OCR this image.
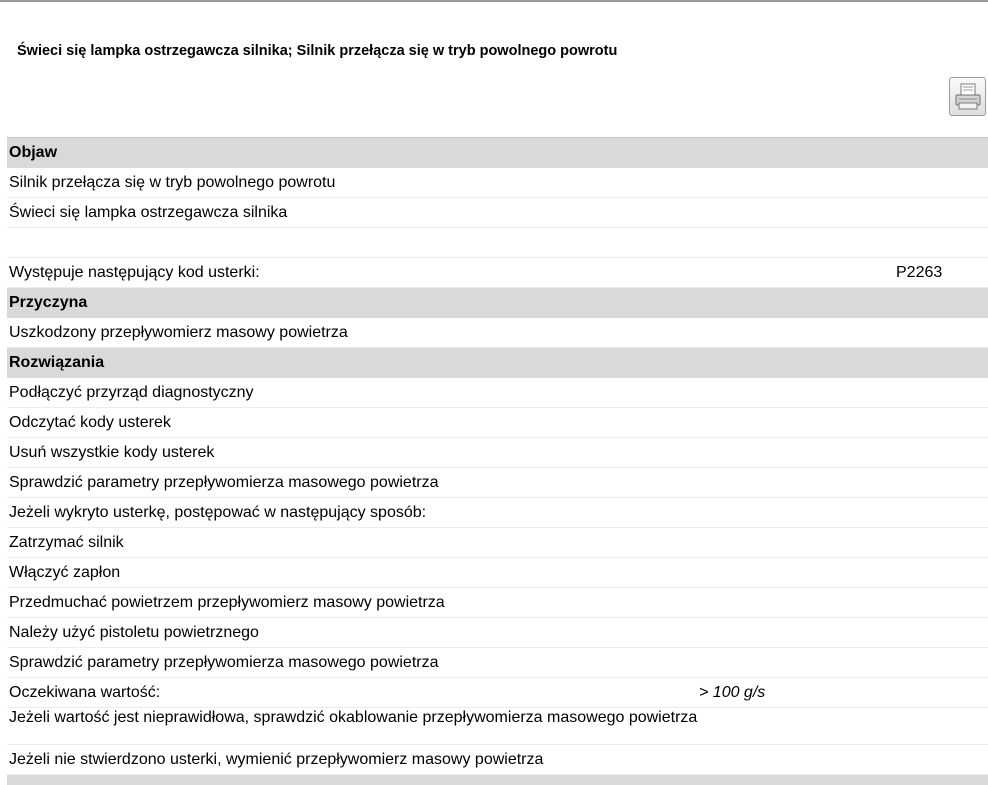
Świeci się lampka ostrzegawcza silnika; Silnik przełącza się w tryb powolnego powrotu
Objaw
Silnik przełącza się w tryb powolnego powrotu
Świeci się lampka ostrzegawcza silnika
Występuje następujący kod usterki:	P2263
Przyczyna
Uszkodzony przepływomierz masowy powietrza
Rozwiązania
Podłączyć przyrząd diagnostyczny
Odczytać kody usterek
Usuń wszystkie kody usterek
Sprawdzić parametry przepływomierza masowego powietrza
Jeżeli wykryto usterkę, postępować w następujący sposób:
Zatrzymać silnik
Włączyć zapłon
Przedmuchać powietrzem przepływomierz masowy powietrza
Należy użyć pistoletu powietrznego
Sprawdzić parametry przepływomierza masowego powietrza
Oczekiwana wartość:	> 100 g/s
Jeżeli wartość jest nieprawidłowa, sprawdzić okablowanie przepływomierza masowego powietrza
Jeżeli nie stwierdzono usterki, wymienić przepływomierz masowy powietrza
